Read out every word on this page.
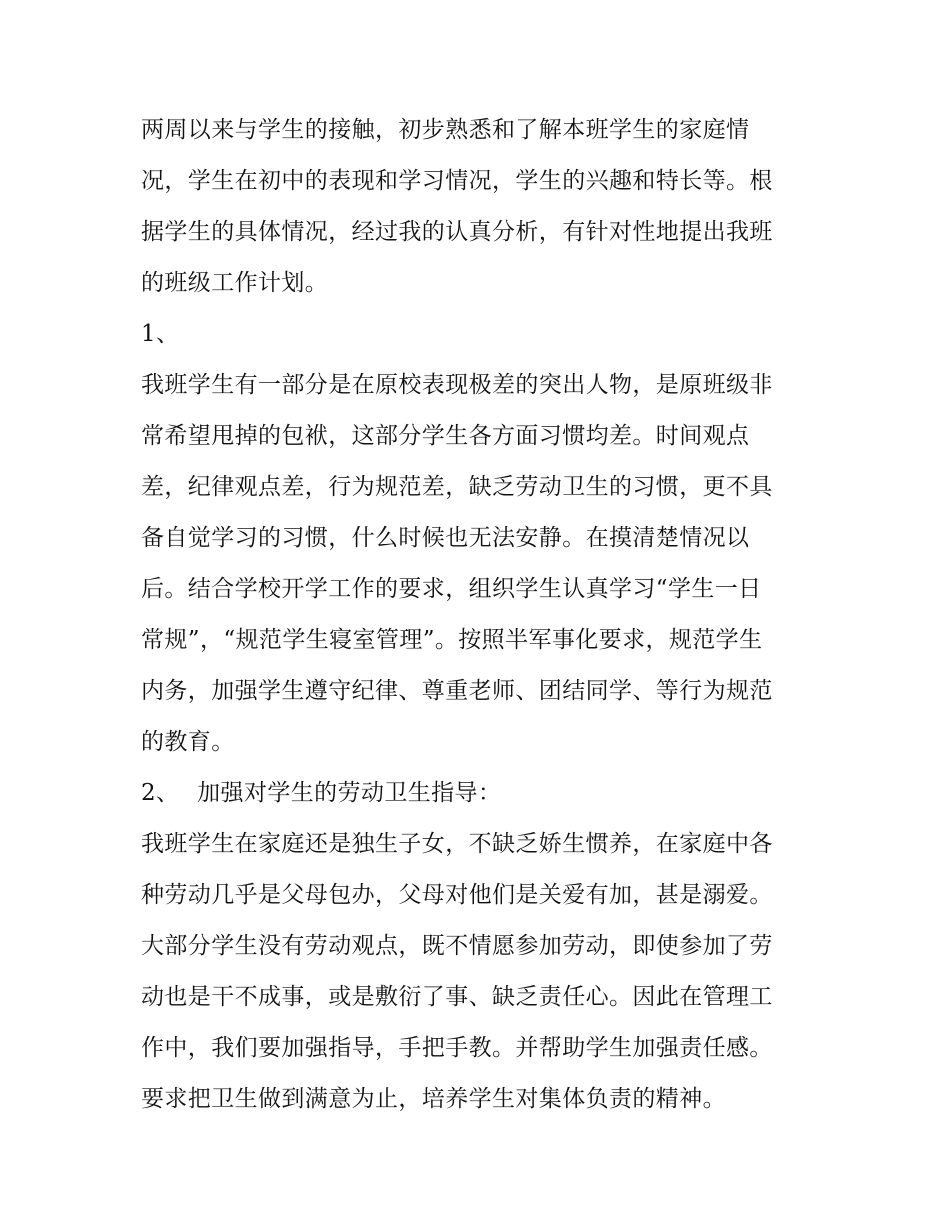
两周以来与学生的接触，初步熟悉和了解本班学生的家庭情
况，学生在初中的表现和学习情况，学生的兴趣和特长等。根
据学生的具体情况，经过我的认真分析，有针对性地提出我班
的班级工作计划。
1、
我班学生有一部分是在原校表现极差的突出人物，是原班级非
常希望甩掉的包袱，这部分学生各方面习惯均差。时间观点
差，纪律观点差，行为规范差，缺乏劳动卫生的习惯，更不具
备自觉学习的习惯，什么时候也无法安静。在摸清楚情况以
后。结合学校开学工作的要求，组织学生认真学习“学生一日
常规”，“规范学生寝室管理”。按照半军事化要求，规范学生
内务，加强学生遵守纪律、尊重老师、团结同学、等行为规范
的教育。
2、 加强对学生的劳动卫生指导：
我班学生在家庭还是独生子女，不缺乏娇生惯养，在家庭中各
种劳动几乎是父母包办，父母对他们是关爱有加，甚是溺爱。
大部分学生没有劳动观点，既不情愿参加劳动，即使参加了劳
动也是干不成事，或是敷衍了事、缺乏责任心。因此在管理工
作中，我们要加强指导，手把手教。并帮助学生加强责任感。
要求把卫生做到满意为止，培养学生对集体负责的精神。
